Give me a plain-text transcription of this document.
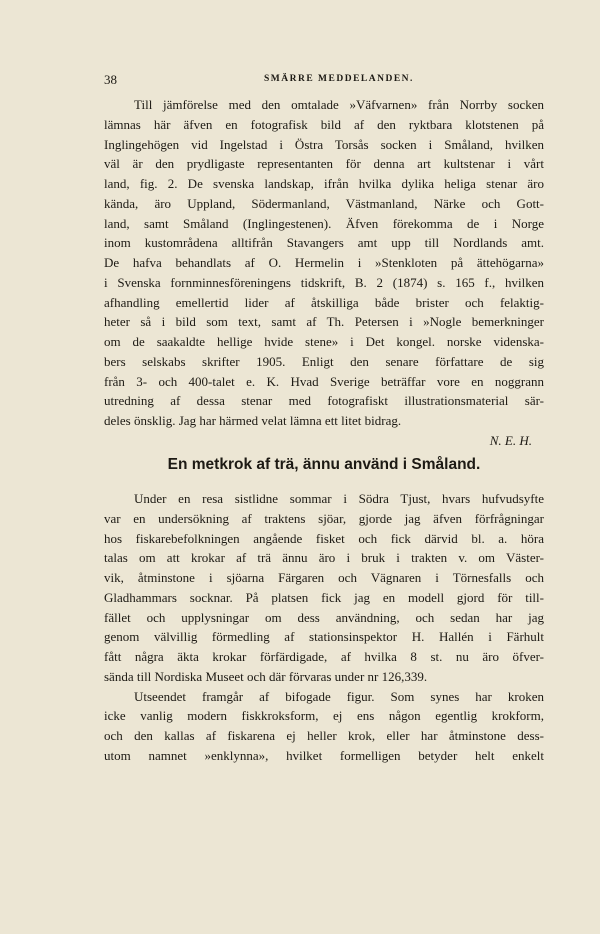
38	SMÄRRE MEDDELANDEN.
Till jämförelse med den omtalade »Väfvarnen» från Norrby socken
lämnas här äfven en fotografisk bild af den ryktbara klotstenen på
Inglingehögen vid Ingelstad i Östra Torsås socken i Småland, hvilken
väl är den prydligaste representanten för denna art kultstenar i vårt
land, fig. 2. De svenska landskap, ifrån hvilka dylika heliga stenar äro
kända, äro Uppland, Södermanland, Västmanland, Närke och Gott-
land, samt Småland (Inglingestenen). Äfven förekomma de i Norge
inom kustområdena alltifrån Stavangers amt upp till Nordlands amt.
De hafva behandlats af O. Hermelin i »Stenkloten på ättehögarna»
i Svenska fornminnesföreningens tidskrift, B. 2 (1874) s. 165 f., hvilken
afhandling emellertid lider af åtskilliga både brister och felaktig-
heter så i bild som text, samt af Th. Petersen i »Nogle bemerkninger
om de saakaldte hellige hvide stene» i Det kongel. norske videnska-
bers selskabs skrifter 1905. Enligt den senare författare de sig
från 3- och 400-talet e. K. Hvad Sverige beträffar vore en noggrann
utredning af dessa stenar med fotografiskt illustrationsmaterial sär-
deles önsklig. Jag har härmed velat lämna ett litet bidrag.
N. E. H.
En metkrok af trä, ännu använd i Småland.
Under en resa sistlidne sommar i Södra Tjust, hvars hufvudsyfte
var en undersökning af traktens sjöar, gjorde jag äfven förfrågningar
hos fiskarebefolkningen angående fisket och fick därvid bl. a. höra
talas om att krokar af trä ännu äro i bruk i trakten v. om Väster-
vik, åtminstone i sjöarna Färgaren och Vägnaren i Törnesfalls och
Gladhammars socknar. På platsen fick jag en modell gjord för till-
fället och upplysningar om dess användning, och sedan har jag
genom välvillig förmedling af stationsinspektor H. Hallén i Färhult
fått några äkta krokar förfärdigade, af hvilka 8 st. nu äro öfver-
sända till Nordiska Museet och där förvaras under nr 126,339.
Utseendet framgår af bifogade figur. Som synes har kroken
icke vanlig modern fiskkroksform, ej ens någon egentlig krokform,
och den kallas af fiskarena ej heller krok, eller har åtminstone dess-
utom namnet »enklynna», hvilket formelligen betyder helt enkelt
